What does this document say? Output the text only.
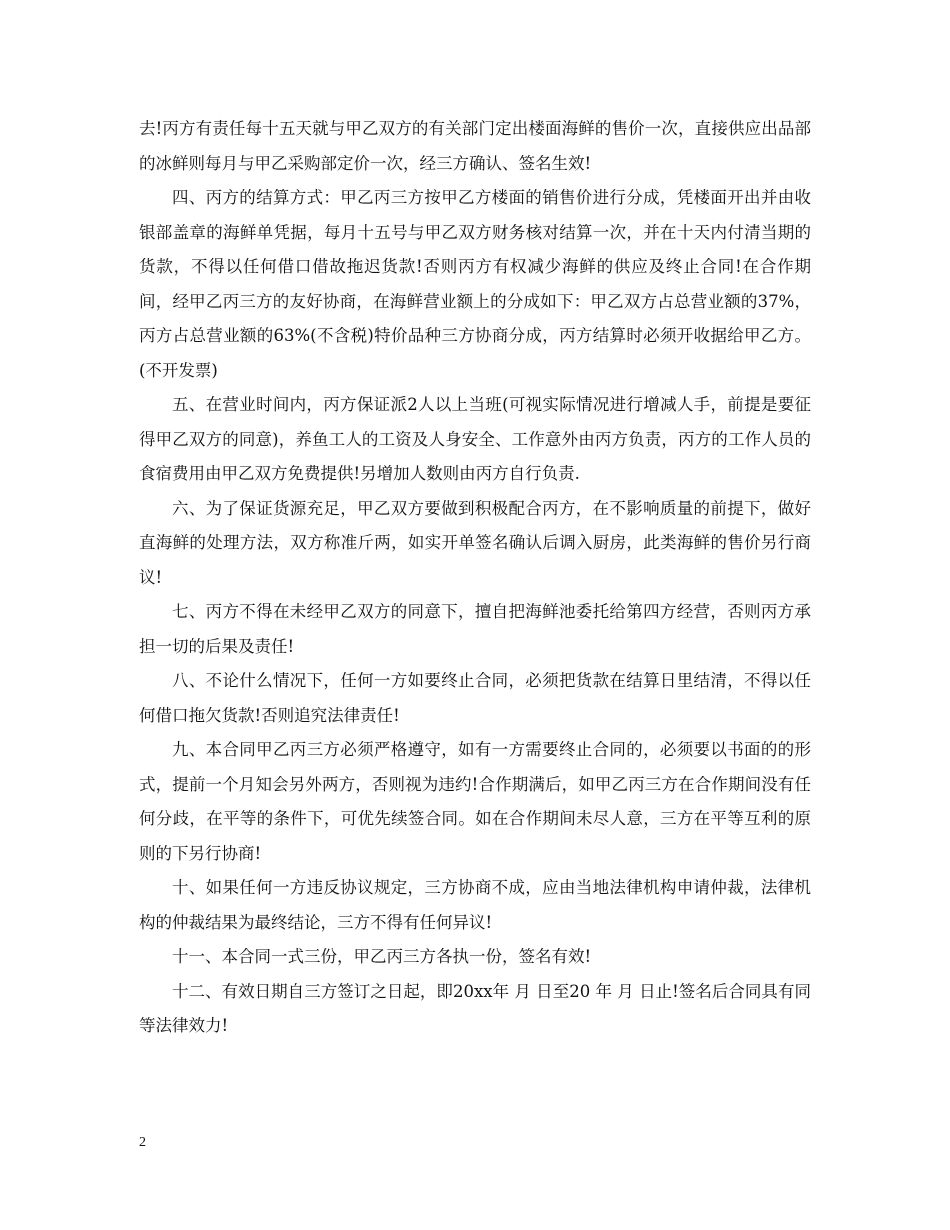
去!丙方有责任每十五天就与甲乙双方的有关部门定出楼面海鲜的售价一次，直接供应出品部的冰鲜则每月与甲乙采购部定价一次，经三方确认、签名生效!

四、丙方的结算方式：甲乙丙三方按甲乙方楼面的销售价进行分成，凭楼面开出并由收银部盖章的海鲜单凭据，每月十五号与甲乙双方财务核对结算一次，并在十天内付清当期的货款，不得以任何借口借故拖迟货款!否则丙方有权减少海鲜的供应及终止合同!在合作期间，经甲乙丙三方的友好协商，在海鲜营业额上的分成如下：甲乙双方占总营业额的37%，丙方占总营业额的63%(不含税)特价品种三方协商分成，丙方结算时必须开收据给甲乙方。(不开发票)

五、在营业时间内，丙方保证派2人以上当班(可视实际情况进行增减人手，前提是要征得甲乙双方的同意)，养鱼工人的工资及人身安全、工作意外由丙方负责，丙方的工作人员的食宿费用由甲乙双方免费提供!另增加人数则由丙方自行负责.

六、为了保证货源充足，甲乙双方要做到积极配合丙方，在不影响质量的前提下，做好直海鲜的处理方法，双方称准斤两，如实开单签名确认后调入厨房，此类海鲜的售价另行商议!

七、丙方不得在未经甲乙双方的同意下，擅自把海鲜池委托给第四方经营，否则丙方承担一切的后果及责任!

八、不论什么情况下，任何一方如要终止合同，必须把货款在结算日里结清，不得以任何借口拖欠货款!否则追究法律责任!

九、本合同甲乙丙三方必须严格遵守，如有一方需要终止合同的，必须要以书面的的形式，提前一个月知会另外两方，否则视为违约!合作期满后，如甲乙丙三方在合作期间没有任何分歧，在平等的条件下，可优先续签合同。如在合作期间未尽人意，三方在平等互利的原则的下另行协商!

十、如果任何一方违反协议规定，三方协商不成，应由当地法律机构申请仲裁，法律机构的仲裁结果为最终结论，三方不得有任何异议!

十一、本合同一式三份，甲乙丙三方各执一份，签名有效!

十二、有效日期自三方签订之日起，即20xx年 月 日至20 年 月 日止!签名后合同具有同等法律效力!

2
